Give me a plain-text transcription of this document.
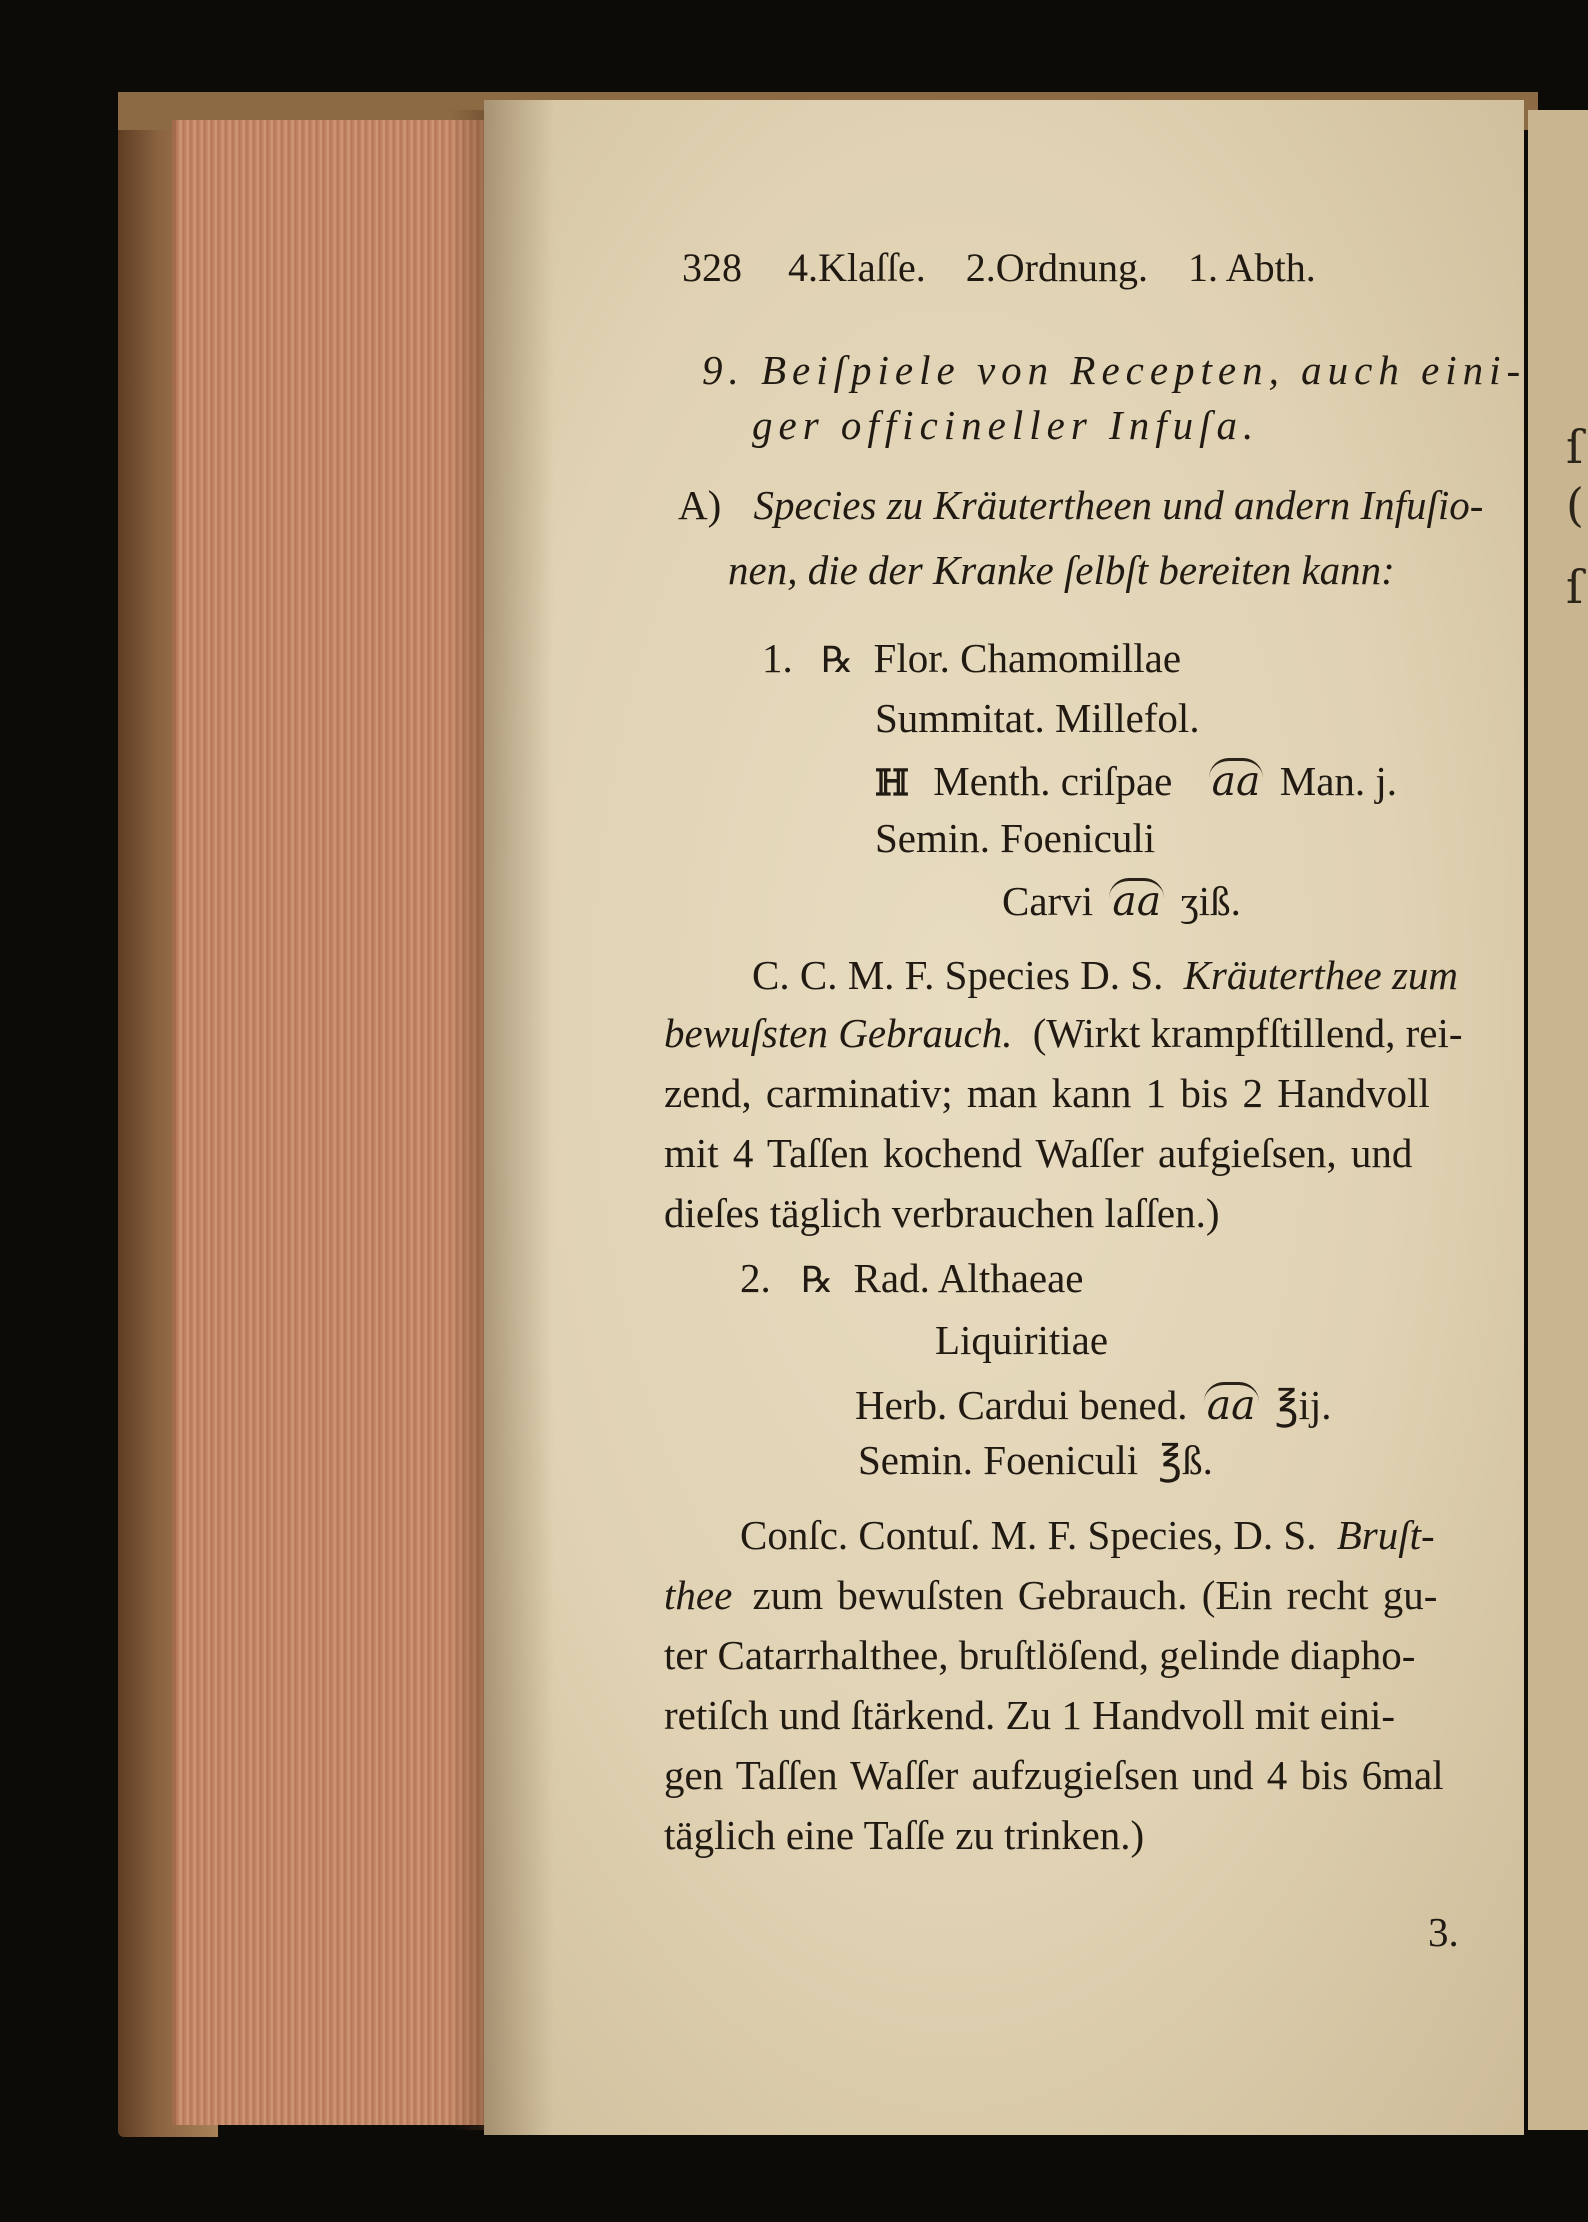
ſ
(
ſ
328 4.Klaſſe. 2.Ordnung. 1. Abth.
9. Beiſpiele von Recepten, auch eini-
ger officineller Infuſa.
A) Species zu Kräutertheen und andern Infuſio-
nen, die der Kranke ſelbſt bereiten kann:
1. ℞ Flor. Chamomillae
Summitat. Millefol.
ℍ Menth. criſpae aa Man. j.
Semin. Foeniculi
Carvi aa ʒiß.
C. C. M. F. Species D. S. Kräuterthee zum
bewuſsten Gebrauch. (Wirkt krampfſtillend, rei-
zend, carminativ; man kann 1 bis 2 Handvoll
mit 4 Taſſen kochend Waſſer aufgieſsen, und
dieſes täglich verbrauchen laſſen.)
2. ℞ Rad. Althaeae
Liquiritiae
Herb. Cardui bened. aa ℥ij.
Semin. Foeniculi ℥ß.
Conſc. Contuſ. M. F. Species, D. S. Bruſt-
thee zum bewuſsten Gebrauch. (Ein recht gu-
ter Catarrhalthee, bruſtlöſend, gelinde diapho-
retiſch und ſtärkend. Zu 1 Handvoll mit eini-
gen Taſſen Waſſer aufzugieſsen und 4 bis 6mal
täglich eine Taſſe zu trinken.)
3.
